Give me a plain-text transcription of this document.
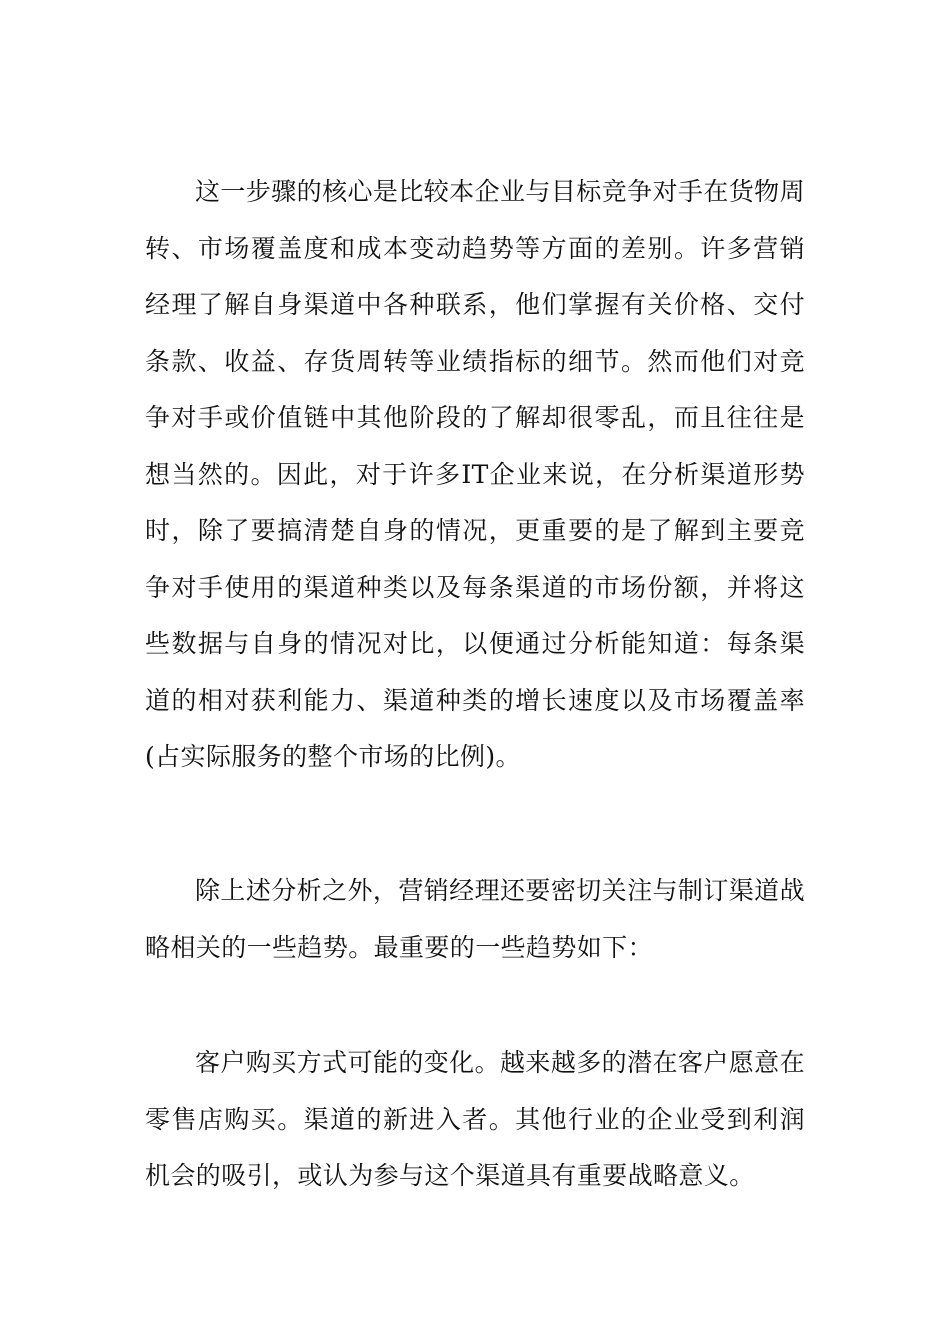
这一步骤的核心是比较本企业与目标竞争对手在货物周转、市场覆盖度和成本变动趋势等方面的差别。许多营销经理了解自身渠道中各种联系，他们掌握有关价格、交付条款、收益、存货周转等业绩指标的细节。然而他们对竞争对手或价值链中其他阶段的了解却很零乱，而且往往是想当然的。因此，对于许多IT企业来说，在分析渠道形势时，除了要搞清楚自身的情况，更重要的是了解到主要竞争对手使用的渠道种类以及每条渠道的市场份额，并将这些数据与自身的情况对比，以便通过分析能知道：每条渠道的相对获利能力、渠道种类的增长速度以及市场覆盖率(占实际服务的整个市场的比例)。

除上述分析之外，营销经理还要密切关注与制订渠道战略相关的一些趋势。最重要的一些趋势如下：

客户购买方式可能的变化。越来越多的潜在客户愿意在零售店购买。渠道的新进入者。其他行业的企业受到利润机会的吸引，或认为参与这个渠道具有重要战略意义。
